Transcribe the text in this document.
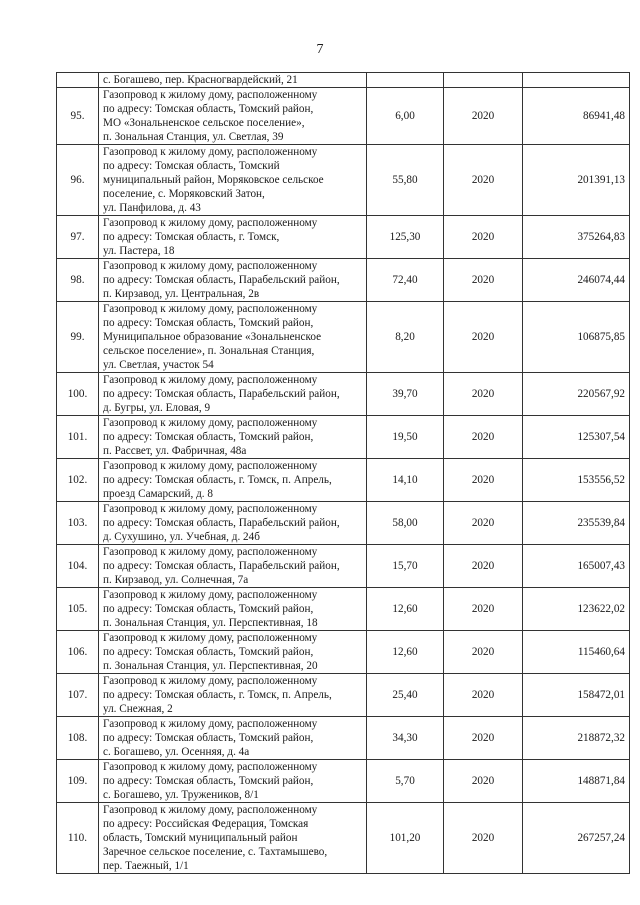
7

	с. Богашево, пер. Красногвардейский, 21			

95.	Газопровод к жилому дому, расположенному
по адресу: Томская область, Томский район,
МО «Зональненское сельское поселение»,
п. Зональная Станция, ул. Светлая, 39	6,00	2020	86941,48
96.	Газопровод к жилому дому, расположенному
по адресу: Томская область, Томский
муниципальный район, Моряковское сельское
поселение, с. Моряковский Затон,
ул. Панфилова, д. 43	55,80	2020	201391,13
97.	Газопровод к жилому дому, расположенному
по адресу: Томская область, г. Томск,
ул. Пастера, 18	125,30	2020	375264,83
98.	Газопровод к жилому дому, расположенному
по адресу: Томская область, Парабельский район,
п. Кирзавод, ул. Центральная, 2в	72,40	2020	246074,44
99.	Газопровод к жилому дому, расположенному
по адресу: Томская область, Томский район,
Муниципальное образование «Зональненское
сельское поселение», п. Зональная Станция,
ул. Светлая, участок 54	8,20	2020	106875,85
100.	Газопровод к жилому дому, расположенному
по адресу: Томская область, Парабельский район,
д. Бугры, ул. Еловая, 9	39,70	2020	220567,92
101.	Газопровод к жилому дому, расположенному
по адресу: Томская область, Томский район,
п. Рассвет, ул. Фабричная, 48а	19,50	2020	125307,54
102.	Газопровод к жилому дому, расположенному
по адресу: Томская область, г. Томск, п. Апрель,
проезд Самарский, д. 8	14,10	2020	153556,52
103.	Газопровод к жилому дому, расположенному
по адресу: Томская область, Парабельский район,
д. Сухушино, ул. Учебная, д. 24б	58,00	2020	235539,84
104.	Газопровод к жилому дому, расположенному
по адресу: Томская область, Парабельский район,
п. Кирзавод, ул. Солнечная, 7а	15,70	2020	165007,43
105.	Газопровод к жилому дому, расположенному
по адресу: Томская область, Томский район,
п. Зональная Станция, ул. Перспективная, 18	12,60	2020	123622,02
106.	Газопровод к жилому дому, расположенному
по адресу: Томская область, Томский район,
п. Зональная Станция, ул. Перспективная, 20	12,60	2020	115460,64
107.	Газопровод к жилому дому, расположенному
по адресу: Томская область, г. Томск, п. Апрель,
ул. Снежная, 2	25,40	2020	158472,01
108.	Газопровод к жилому дому, расположенному
по адресу: Томская область, Томский район,
с. Богашево, ул. Осенняя, д. 4а	34,30	2020	218872,32
109.	Газопровод к жилому дому, расположенному
по адресу: Томская область, Томский район,
с. Богашево, ул. Тружеников, 8/1	5,70	2020	148871,84
110.	Газопровод к жилому дому, расположенному
по адресу: Российская Федерация, Томская
область, Томский муниципальный район
Заречное сельское поселение, с. Тахтамышево,
пер. Таежный, 1/1	101,20	2020	267257,24
